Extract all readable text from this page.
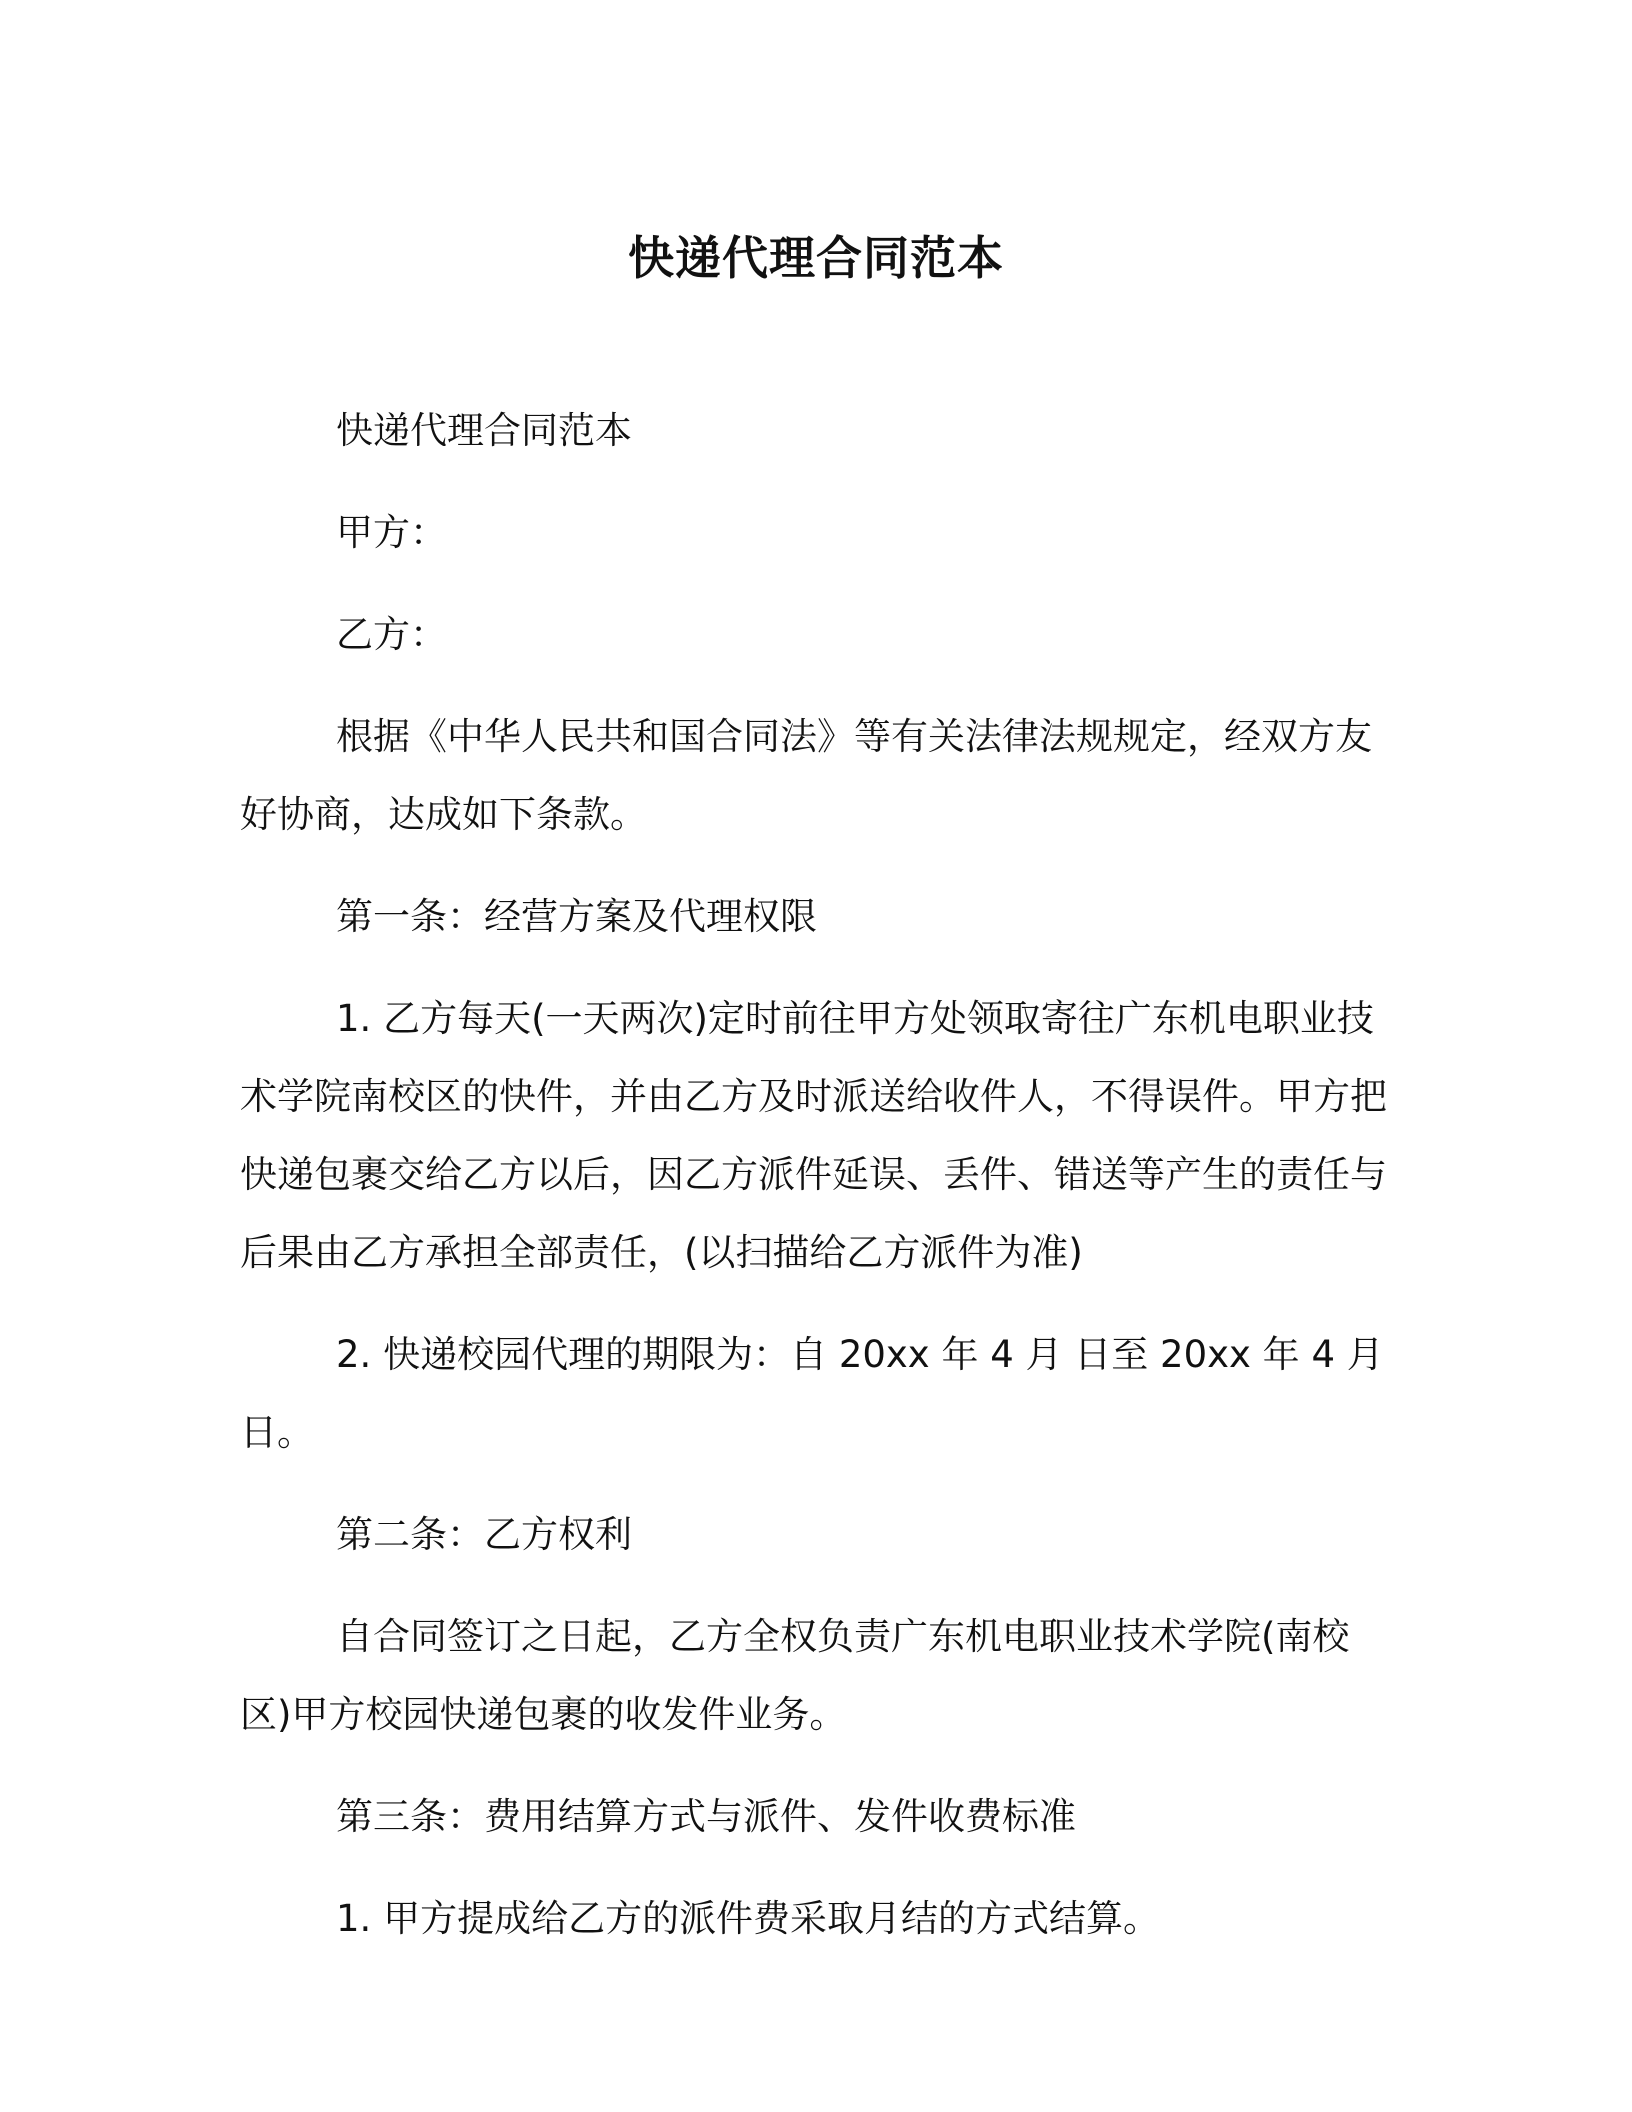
快递代理合同范本

快递代理合同范本

甲方：

乙方：

根据《中华人民共和国合同法》等有关法律法规规定，经双方友好协商，达成如下条款。

第一条：经营方案及代理权限

1. 乙方每天(一天两次)定时前往甲方处领取寄往广东机电职业技术学院南校区的快件，并由乙方及时派送给收件人，不得误件。甲方把快递包裹交给乙方以后，因乙方派件延误、丢件、错送等产生的责任与后果由乙方承担全部责任，(以扫描给乙方派件为准)

2. 快递校园代理的期限为：自 20xx 年 4 月 日至 20xx 年 4 月 日。

第二条：乙方权利

自合同签订之日起，乙方全权负责广东机电职业技术学院(南校区)甲方校园快递包裹的收发件业务。

第三条：费用结算方式与派件、发件收费标准

1. 甲方提成给乙方的派件费采取月结的方式结算。
